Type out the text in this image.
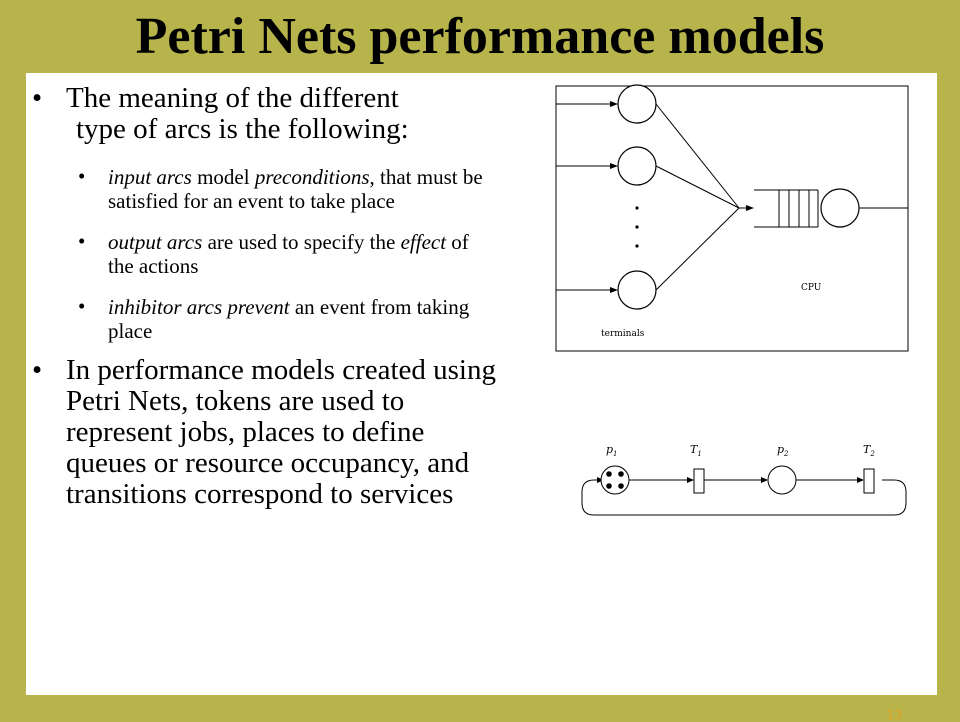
Petri Nets performance models

• The meaning of the different
type of arcs is the following:

• input arcs model preconditions, that must be satisfied for an event to take place

• output arcs are used to specify the effect of the actions

• inhibitor arcs prevent an event from taking place

• In performance models created using Petri Nets, tokens are used to represent jobs, places to define queues or resource occupancy, and transitions correspond to services

CPU
terminals
$p_1$	$T_1$	$p_2$	$T_2$
13
